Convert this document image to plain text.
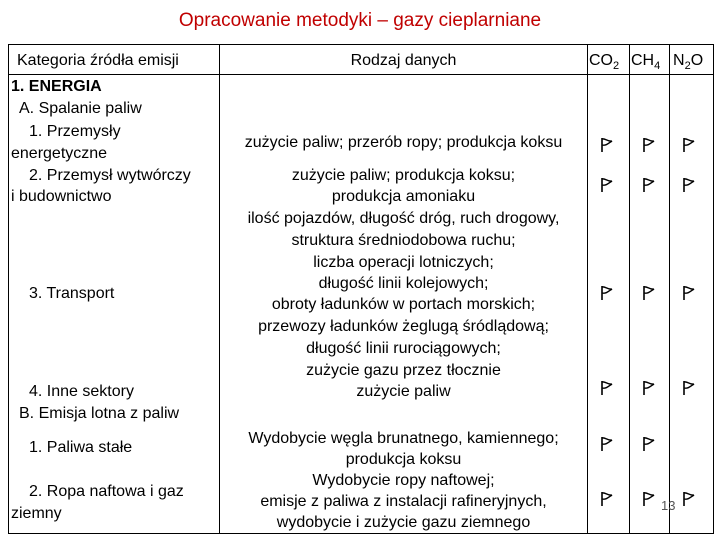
Opracowanie metodyki – gazy cieplarniane
Kategoria źródła emisji	Rodzaj danych	$CO_2$ $CH_4$ $N_2O$
1. ENERGIA
A. Spalanie paliw
1. Przemysły
energetyczne
2. Przemysł wytwórczy
i budownictwo
3. Transport
4. Inne sektory
B. Emisja lotna z paliw
1. Paliwa stałe
2. Ropa naftowa i gaz
ziemny
zużycie paliw; przerób ropy; produkcja koksu
zużycie paliw; produkcja koksu;
produkcja amoniaku
ilość pojazdów, długość dróg, ruch drogowy,
struktura średniodobowa ruchu;
liczba operacji lotniczych;
długość linii kolejowych;
obroty ładunków w portach morskich;
przewozy ładunków żeglugą śródlądową;
długość linii rurociągowych;
zużycie gazu przez tłocznie
zużycie paliw
Wydobycie węgla brunatnego, kamiennego;
produkcja koksu
Wydobycie ropy naftowej;
emisje z paliwa z instalacji rafineryjnych,
wydobycie i zużycie gazu ziemnego
13
